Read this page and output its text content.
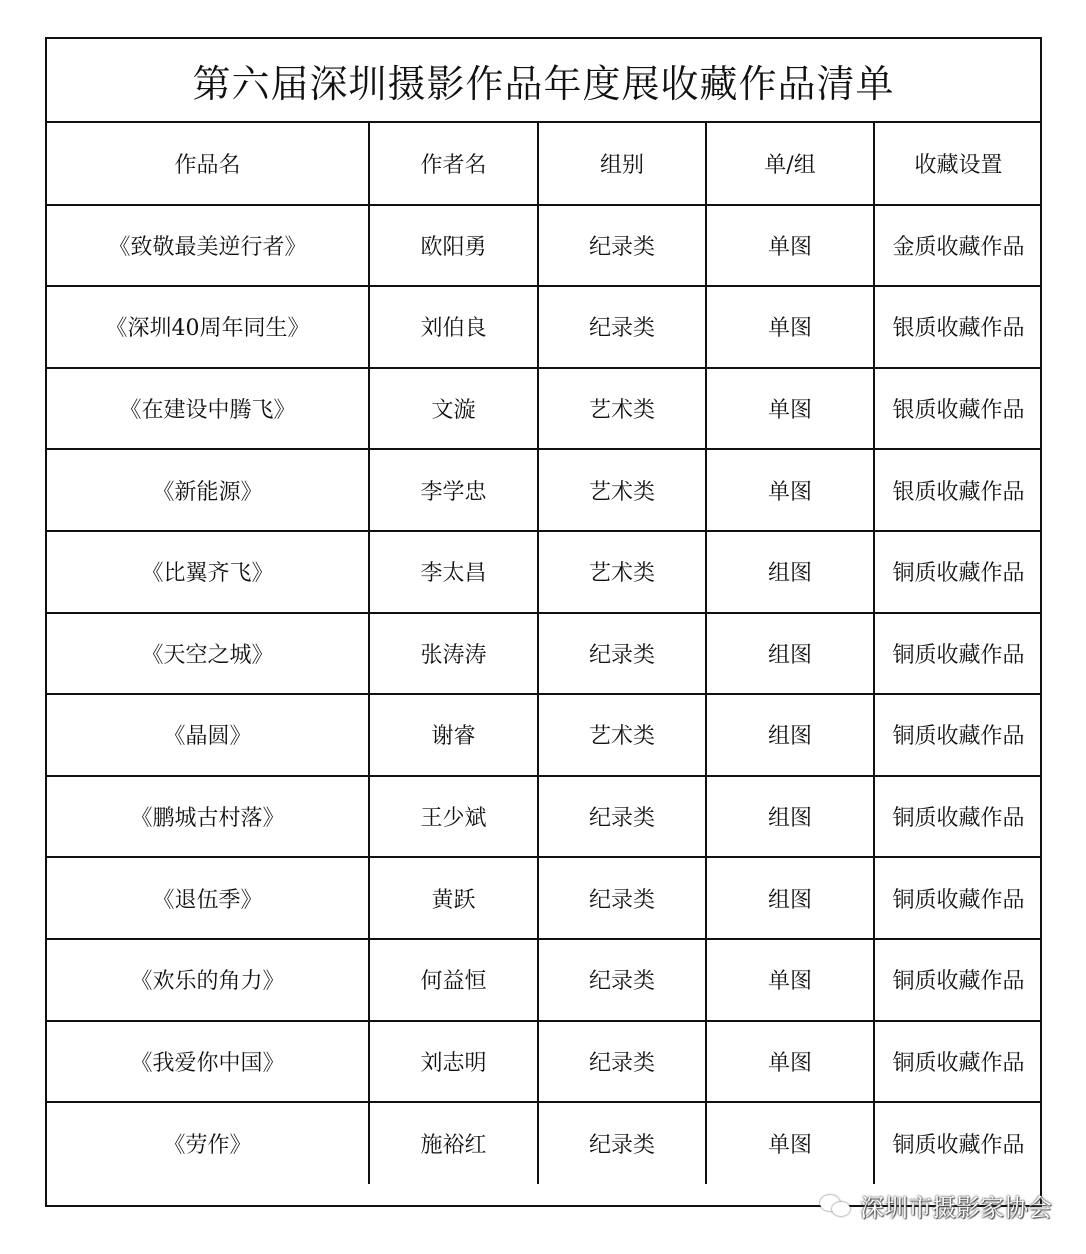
第六届深圳摄影作品年度展收藏作品清单
作品名	作者名	组别	单/组	收藏设置
《致敬最美逆行者》	欧阳勇	纪录类	单图	金质收藏作品
《深圳40周年同生》	刘伯良	纪录类	单图	银质收藏作品
《在建设中腾飞》	文漩	艺术类	单图	银质收藏作品
《新能源》	李学忠	艺术类	单图	银质收藏作品
《比翼齐飞》	李太昌	艺术类	组图	铜质收藏作品
《天空之城》	张涛涛	纪录类	组图	铜质收藏作品
《晶圆》	谢睿	艺术类	组图	铜质收藏作品
《鹏城古村落》	王少斌	纪录类	组图	铜质收藏作品
《退伍季》	黄跃	纪录类	组图	铜质收藏作品
《欢乐的角力》	何益恒	纪录类	单图	铜质收藏作品
《我爱你中国》	刘志明	纪录类	单图	铜质收藏作品
《劳作》	施裕红	纪录类	单图	铜质收藏作品
深圳市摄影家协会
